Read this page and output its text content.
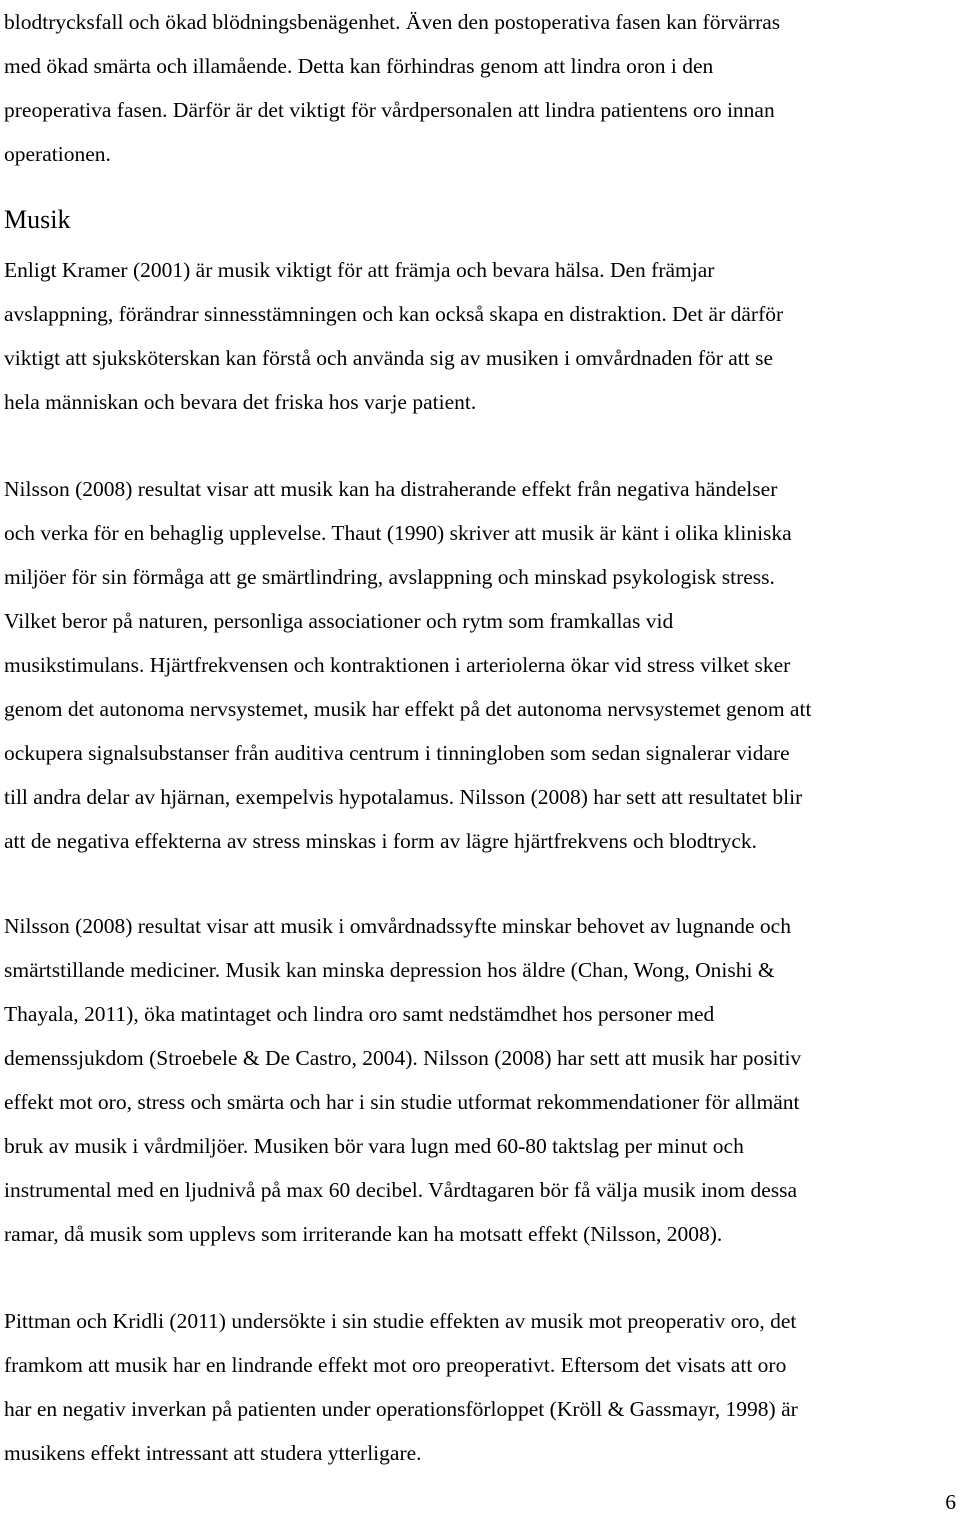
blodtrycksfall och ökad blödningsbenägenhet. Även den postoperativa fasen kan förvärras
med ökad smärta och illamående. Detta kan förhindras genom att lindra oron i den
preoperativa fasen. Därför är det viktigt för vårdpersonalen att lindra patientens oro innan
operationen.

Musik

Enligt Kramer (2001) är musik viktigt för att främja och bevara hälsa. Den främjar
avslappning, förändrar sinnesstämningen och kan också skapa en distraktion. Det är därför
viktigt att sjuksköterskan kan förstå och använda sig av musiken i omvårdnaden för att se
hela människan och bevara det friska hos varje patient.

Nilsson (2008) resultat visar att musik kan ha distraherande effekt från negativa händelser
och verka för en behaglig upplevelse. Thaut (1990) skriver att musik är känt i olika kliniska
miljöer för sin förmåga att ge smärtlindring, avslappning och minskad psykologisk stress.
Vilket beror på naturen, personliga associationer och rytm som framkallas vid
musikstimulans. Hjärtfrekvensen och kontraktionen i arteriolerna ökar vid stress vilket sker
genom det autonoma nervsystemet, musik har effekt på det autonoma nervsystemet genom att
ockupera signalsubstanser från auditiva centrum i tinningloben som sedan signalerar vidare
till andra delar av hjärnan, exempelvis hypotalamus. Nilsson (2008) har sett att resultatet blir
att de negativa effekterna av stress minskas i form av lägre hjärtfrekvens och blodtryck.

Nilsson (2008) resultat visar att musik i omvårdnadssyfte minskar behovet av lugnande och
smärtstillande mediciner. Musik kan minska depression hos äldre (Chan, Wong, Onishi &
Thayala, 2011), öka matintaget och lindra oro samt nedstämdhet hos personer med
demenssjukdom (Stroebele & De Castro, 2004). Nilsson (2008) har sett att musik har positiv
effekt mot oro, stress och smärta och har i sin studie utformat rekommendationer för allmänt
bruk av musik i vårdmiljöer. Musiken bör vara lugn med 60-80 taktslag per minut och
instrumental med en ljudnivå på max 60 decibel. Vårdtagaren bör få välja musik inom dessa
ramar, då musik som upplevs som irriterande kan ha motsatt effekt (Nilsson, 2008).

Pittman och Kridli (2011) undersökte i sin studie effekten av musik mot preoperativ oro, det
framkom att musik har en lindrande effekt mot oro preoperativt. Eftersom det visats att oro
har en negativ inverkan på patienten under operationsförloppet (Kröll & Gassmayr, 1998) är
musikens effekt intressant att studera ytterligare.

6
